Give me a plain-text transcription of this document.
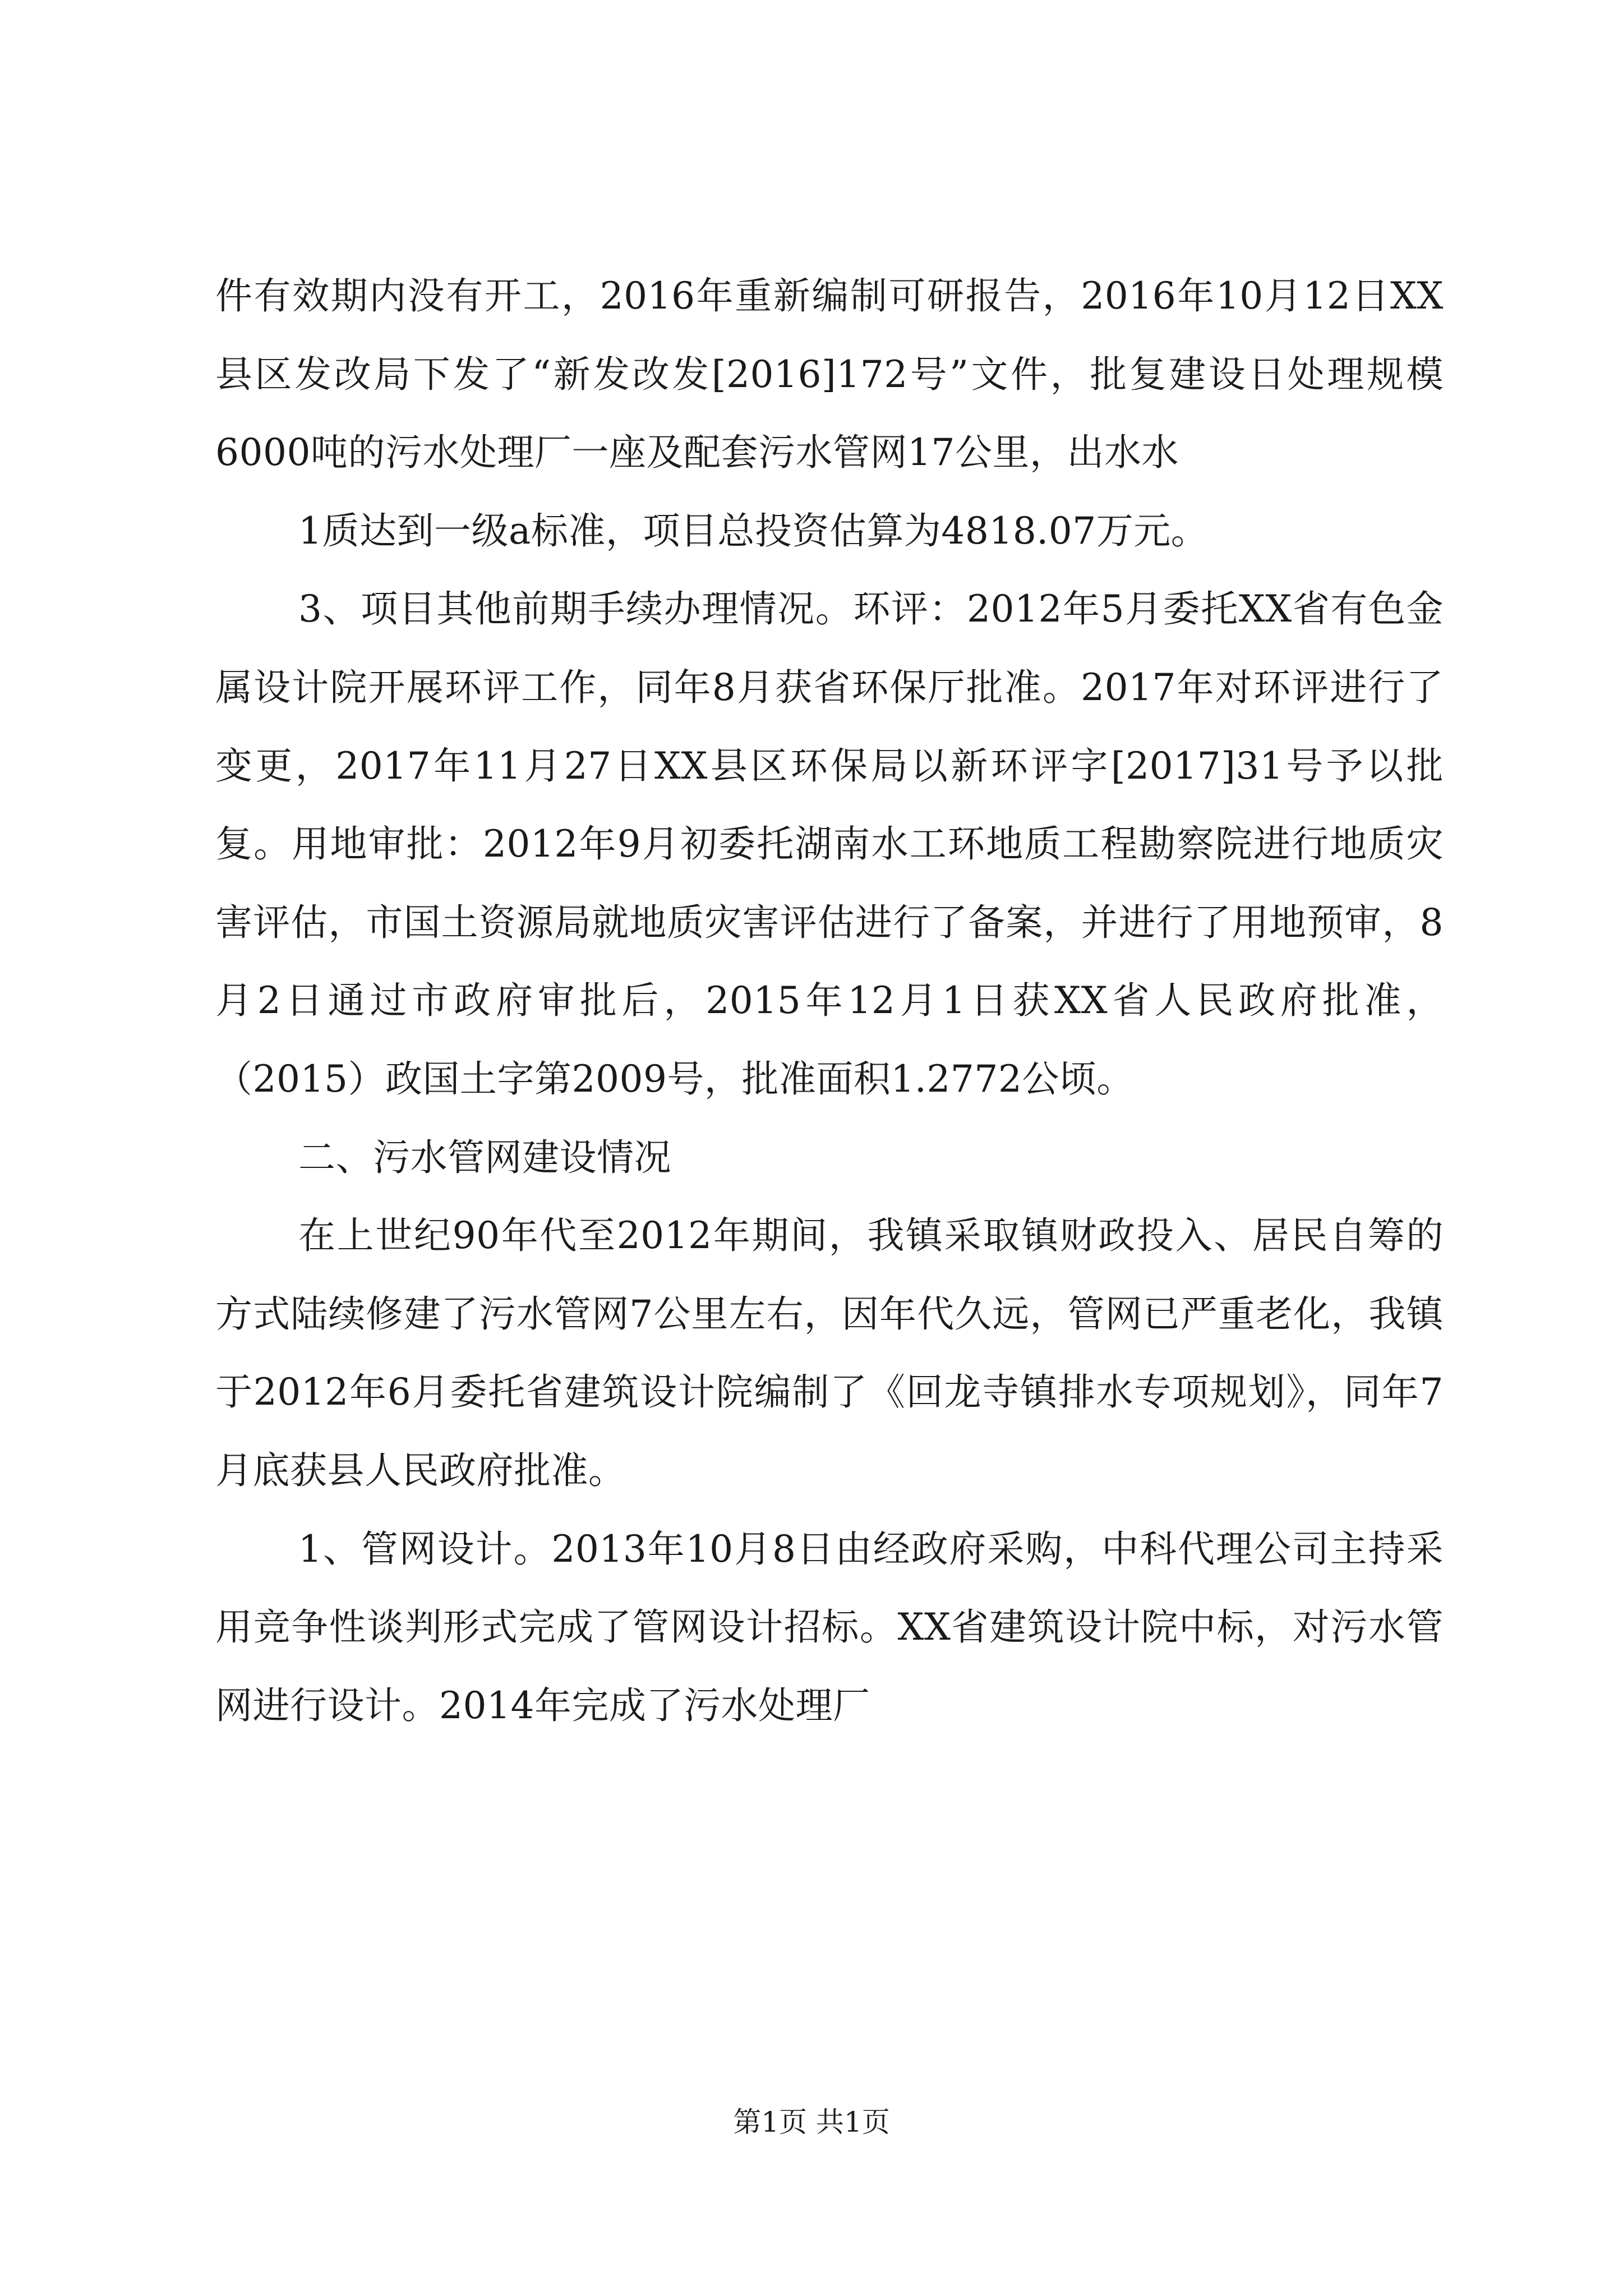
件有效期内没有开工，2016年重新编制可研报告，2016年10月12日XX县区发改局下发了“新发改发[2016]172号”文件，批复建设日处理规模6000吨的污水处理厂一座及配套污水管网17公里，出水水

1质达到一级a标准，项目总投资估算为4818.07万元。

3、项目其他前期手续办理情况。环评：2012年5月委托XX省有色金属设计院开展环评工作，同年8月获省环保厅批准。2017年对环评进行了变更，2017年11月27日XX县区环保局以新环评字[2017]31号予以批复。用地审批：2012年9月初委托湖南水工环地质工程勘察院进行地质灾害评估，市国土资源局就地质灾害评估进行了备案，并进行了用地预审，8月2日通过市政府审批后，2015年12月1日获XX省人民政府批准，（2015）政国土字第2009号，批准面积1.2772公顷。

二、污水管网建设情况

在上世纪90年代至2012年期间，我镇采取镇财政投入、居民自筹的方式陆续修建了污水管网7公里左右，因年代久远，管网已严重老化，我镇于2012年6月委托省建筑设计院编制了《回龙寺镇排水专项规划》，同年7月底获县人民政府批准。

1、管网设计。2013年10月8日由经政府采购，中科代理公司主持采用竞争性谈判形式完成了管网设计招标。XX省建筑设计院中标，对污水管网进行设计。2014年完成了污水处理厂

第1页 共1页
